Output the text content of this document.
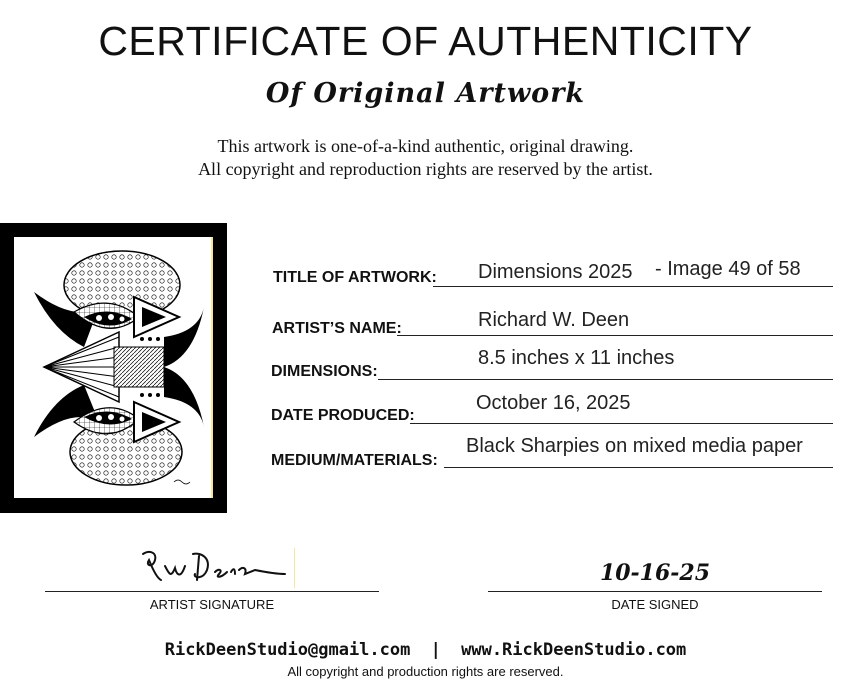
CERTIFICATE OF AUTHENTICITY
Of Original Artwork
This artwork is one-of-a-kind authentic, original drawing.
All copyright and reproduction rights are reserved by the artist.
TITLE OF ARTWORK: Dimensions 2025 - Image 49 of 58
ARTIST’S NAME:	Richard W. Deen
DIMENSIONS:
8.5 inches x 11 inches
DATE PRODUCED:
October 16, 2025
MEDIUM/MATERIALS:
Black Sharpies on mixed media paper
ARTIST SIGNATURE
10-16-25
DATE SIGNED
RickDeenStudio@gmail.com | www.RickDeenStudio.com
All copyright and production rights are reserved.
